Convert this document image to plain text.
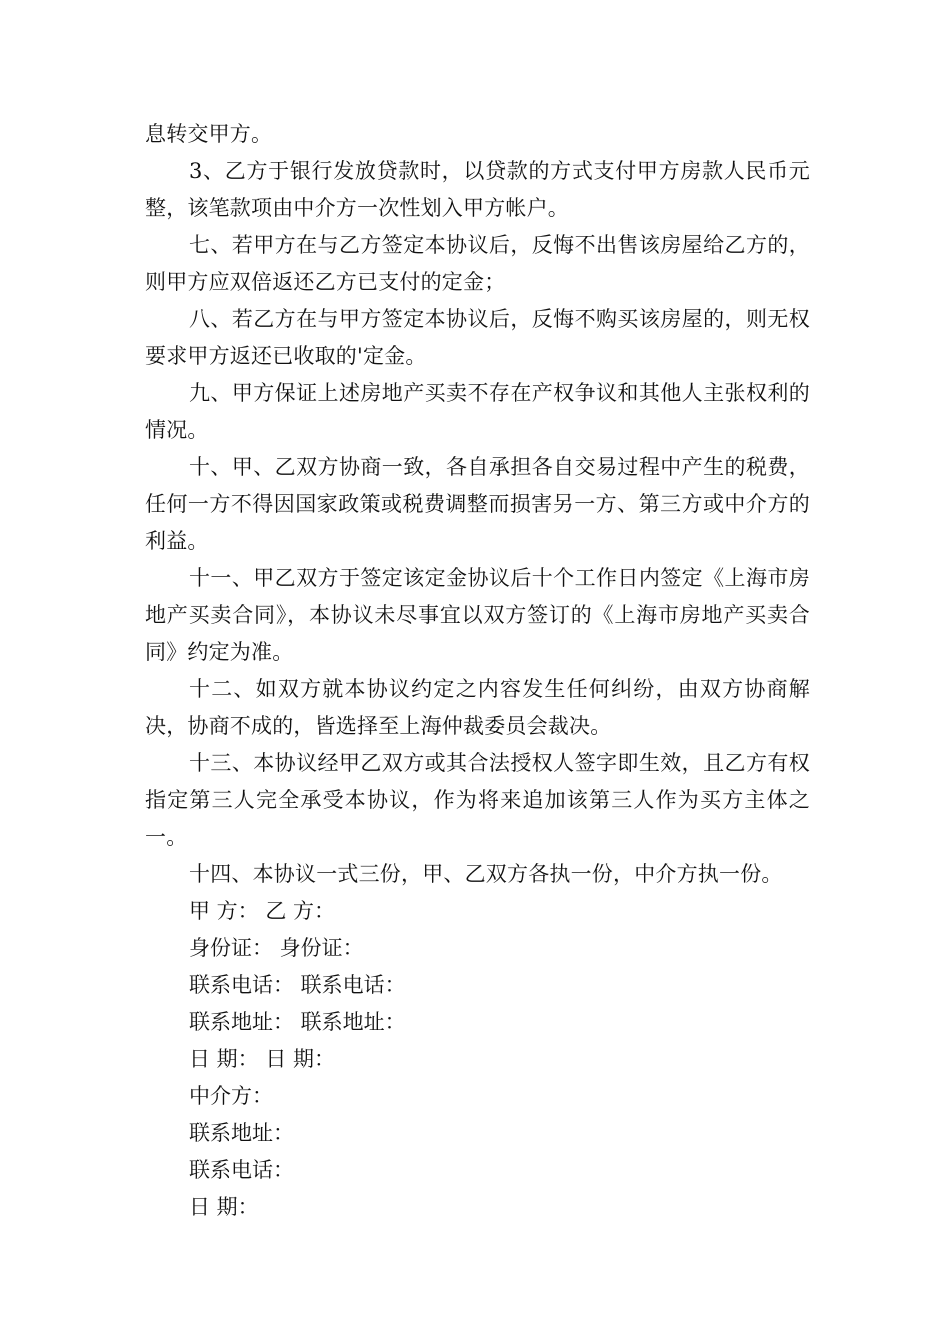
息转交甲方。

3、乙方于银行发放贷款时，以贷款的方式支付甲方房款人民币元整，该笔款项由中介方一次性划入甲方帐户。

七、若甲方在与乙方签定本协议后，反悔不出售该房屋给乙方的，则甲方应双倍返还乙方已支付的定金；

八、若乙方在与甲方签定本协议后，反悔不购买该房屋的，则无权要求甲方返还已收取的'定金。

九、甲方保证上述房地产买卖不存在产权争议和其他人主张权利的情况。

十、甲、乙双方协商一致，各自承担各自交易过程中产生的税费，任何一方不得因国家政策或税费调整而损害另一方、第三方或中介方的利益。

十一、甲乙双方于签定该定金协议后十个工作日内签定《上海市房地产买卖合同》，本协议未尽事宜以双方签订的《上海市房地产买卖合同》约定为准。

十二、如双方就本协议约定之内容发生任何纠纷，由双方协商解决，协商不成的，皆选择至上海仲裁委员会裁决。

十三、本协议经甲乙双方或其合法授权人签字即生效，且乙方有权指定第三人完全承受本协议，作为将来追加该第三人作为买方主体之一。

十四、本协议一式三份，甲、乙双方各执一份，中介方执一份。

甲 方： 乙 方：

身份证： 身份证：

联系电话： 联系电话：

联系地址： 联系地址：

日 期： 日 期：

中介方：

联系地址：

联系电话：

日 期：
